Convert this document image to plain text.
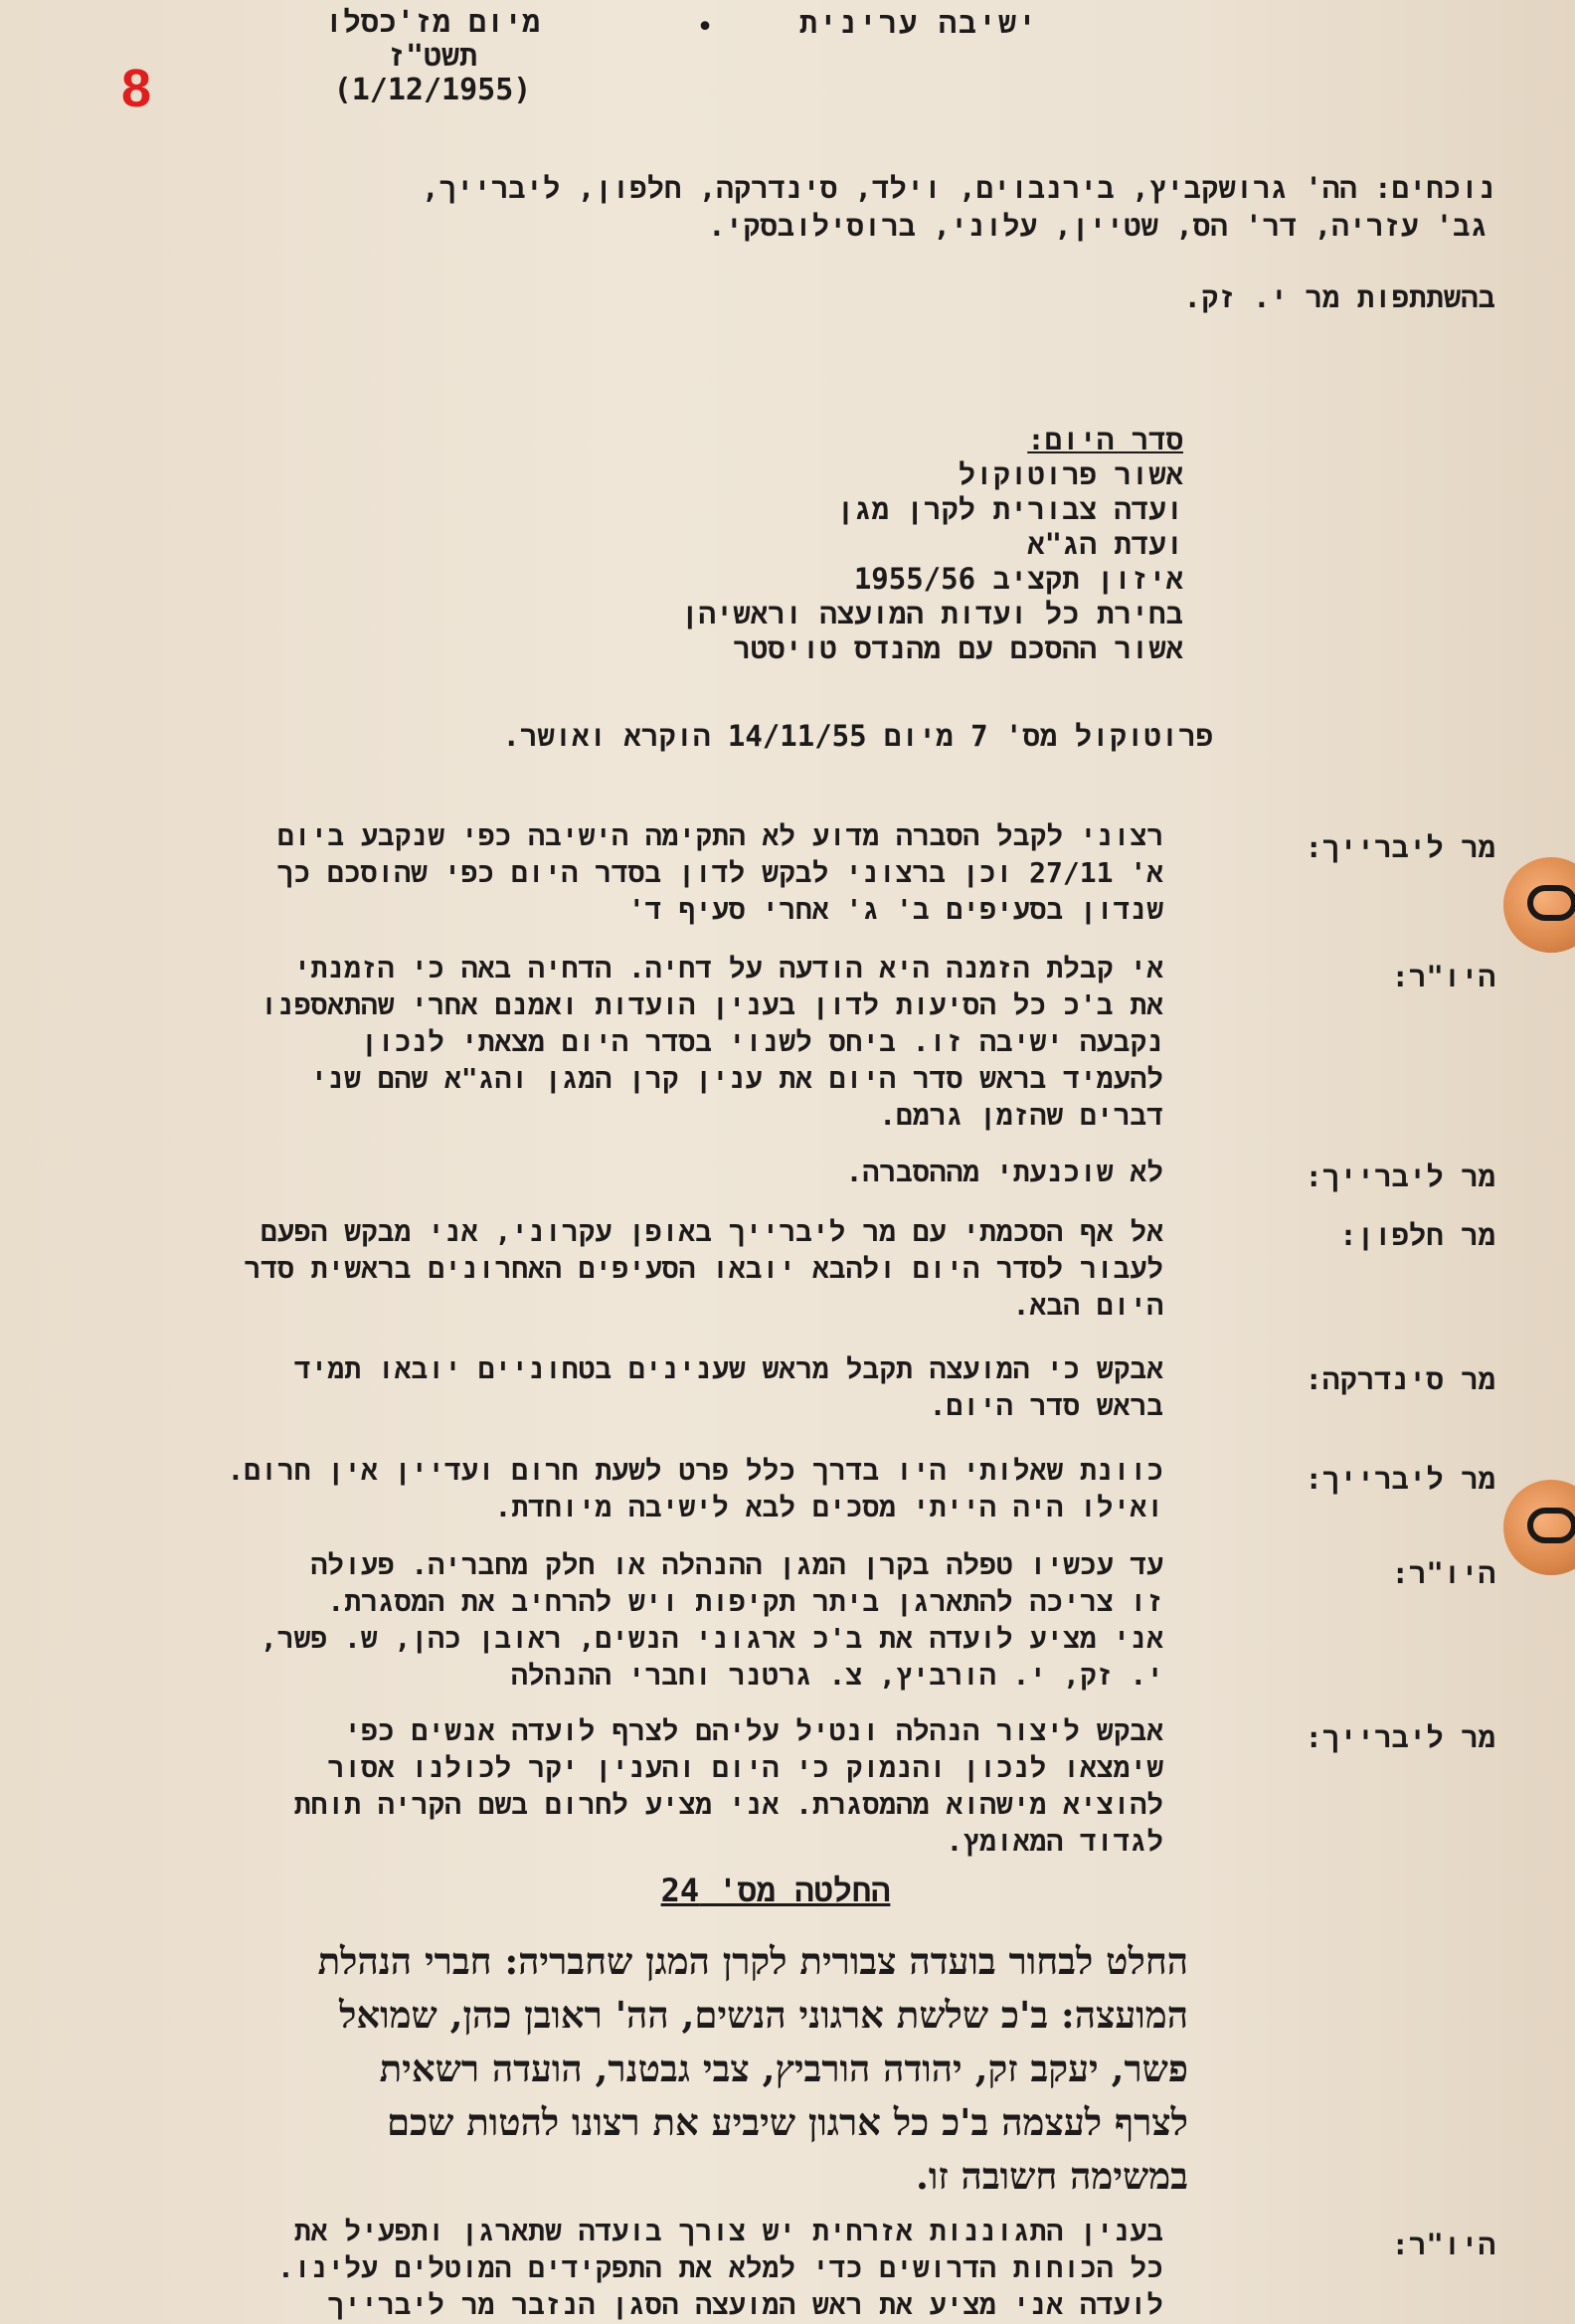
ישיבה ערינית
•
מיום מז'כסלו תשט"ז
(1/12/1955)
8
נוכחים: הה' גרושקביץ, בירנבוים, וילד, סינדרקה, חלפון, ליברייך,
גב' עזריה, דר' הס, שטיין, עלוני, ברוסילובסקי.
בהשתתפות מר י. זק.
סדר היום:
אשור פרוטוקול
ועדה צבורית לקרן מגן
ועדת הג"א
איזון תקציב 1955/56
בחירת כל ועדות המועצה וראשיהן
אשור ההסכם עם מהנדס טויסטר
פרוטוקול מס' 7 מיום 14/11/55 הוקרא ואושר.
מר ליברייך:
רצוני לקבל הסברה מדוע לא התקימה הישיבה כפי שנקבע ביום
א' 27/11 וכן ברצוני לבקש לדון בסדר היום כפי שהוסכם כך
שנדון בסעיפים ב' ג' אחרי סעיף ד'
היו"ר:
אי קבלת הזמנה היא הודעה על דחיה. הדחיה באה כי הזמנתי
את ב'כ כל הסיעות לדון בענין הועדות ואמנם אחרי שהתאספנו
נקבעה ישיבה זו. ביחס לשנוי בסדר היום מצאתי לנכון
להעמיד בראש סדר היום את ענין קרן המגן והג"א שהם שני
דברים שהזמן גרמם.
מר ליברייך:
לא שוכנעתי מההסברה.
מר חלפון:
אל אף הסכמתי עם מר ליברייך באופן עקרוני, אני מבקש הפעם
לעבור לסדר היום ולהבא יובאו הסעיפים האחרונים בראשית סדר
היום הבא.
מר סינדרקה:
אבקש כי המועצה תקבל מראש שענינים בטחוניים יובאו תמיד
בראש סדר היום.
מר ליברייך:
כוונת שאלותי היו בדרך כלל פרט לשעת חרום ועדיין אין חרום.
ואילו היה הייתי מסכים לבא לישיבה מיוחדת.
היו"ר:
עד עכשיו טפלה בקרן המגן ההנהלה או חלק מחבריה. פעולה
זו צריכה להתארגן ביתר תקיפות ויש להרחיב את המסגרת.
אני מציע לועדה את ב'כ ארגוני הנשים, ראובן כהן, ש. פשר,
י. זק, י. הורביץ, צ. גרטנר וחברי ההנהלה
מר ליברייך:
אבקש ליצור הנהלה ונטיל עליהם לצרף לועדה אנשים כפי
שימצאו לנכון והנמוק כי היום והענין יקר לכולנו אסור
להוציא מישהוא מהמסגרת. אני מציע לחרום בשם הקריה תוחת
לגדוד המאומץ.
החלטה מס' 24
החלט לבחור בועדה צבורית לקרן המגן שחבריה: חברי הנהלת
המועצה: ב'כ שלשת ארגוני הנשים, הה' ראובן כהן, שמואל
פשר, יעקב זק, יהודה הורביץ, צבי גבטנר, הועדה רשאית
לצרף לעצמה ב'כ כל ארגון שיביע את רצונו להטות שכם
במשימה חשובה זו.
היו"ר:
בענין התגוננות אזרחית יש צורך בועדה שתארגן ותפעיל את
כל הכוחות הדרושים כדי למלא את התפקידים המוטלים עלינו.
לועדה אני מציע את ראש המועצה הסגן הנזבר מר ליברייך
